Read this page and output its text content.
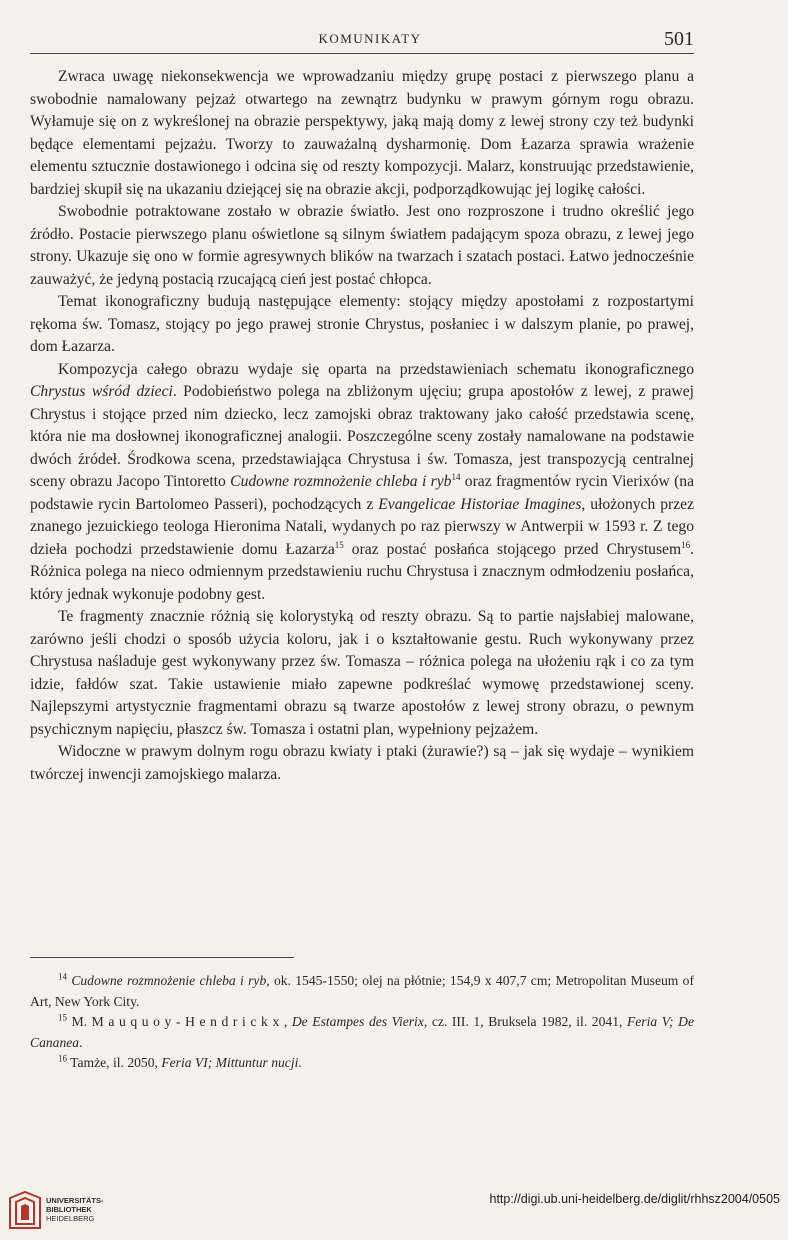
KOMUNIKATY	501

Zwraca uwagę niekonsekwencja we wprowadzaniu między grupę postaci z pierwszego planu a swobodnie namalowany pejzaż otwartego na zewnątrz budynku w prawym górnym rogu obrazu. Wyłamuje się on z wykreślonej na obrazie perspektywy, jaką mają domy z lewej strony czy też budynki będące elementami pejzażu. Tworzy to zauważalną dysharmonię. Dom Łazarza sprawia wrażenie elementu sztucznie dostawionego i odcina się od reszty kompozycji. Malarz, konstruując przedstawienie, bardziej skupił się na ukazaniu dziejącej się na obrazie akcji, podporządkowując jej logikę całości.

Swobodnie potraktowane zostało w obrazie światło. Jest ono rozproszone i trudno określić jego źródło. Postacie pierwszego planu oświetlone są silnym światłem padającym spoza obrazu, z lewej jego strony. Ukazuje się ono w formie agresywnych blików na twarzach i szatach postaci. Łatwo jednocześnie zauważyć, że jedyną postacią rzucającą cień jest postać chłopca.

Temat ikonograficzny budują następujące elementy: stojący między apostołami z rozpostartymi rękoma św. Tomasz, stojący po jego prawej stronie Chrystus, posłaniec i w dalszym planie, po prawej, dom Łazarza.

Kompozycja całego obrazu wydaje się oparta na przedstawieniach schematu ikonograficznego Chrystus wśród dzieci. Podobieństwo polega na zbliżonym ujęciu; grupa apostołów z lewej, z prawej Chrystus i stojące przed nim dziecko, lecz zamojski obraz traktowany jako całość przedstawia scenę, która nie ma dosłownej ikonograficznej analogii. Poszczególne sceny zostały namalowane na podstawie dwóch źródeł. Środkowa scena, przedstawiająca Chrystusa i św. Tomasza, jest transpozycją centralnej sceny obrazu Jacopo Tintoretto Cudowne rozmnożenie chleba i ryb$^{14}$ oraz fragmentów rycin Vierixów (na podstawie rycin Bartolomeo Passeri), pochodzących z Evangelicae Historiae Imagines, ułożonych przez znanego jezuickiego teologa Hieronima Natali, wydanych po raz pierwszy w Antwerpii w 1593 r. Z tego dzieła pochodzi przedstawienie domu Łazarza$^{15}$ oraz postać posłańca stojącego przed Chrystusem$^{16}$. Różnica polega na nieco odmiennym przedstawieniu ruchu Chrystusa i znacznym odmłodzeniu posłańca, który jednak wykonuje podobny gest.

Te fragmenty znacznie różnią się kolorystyką od reszty obrazu. Są to partie najsłabiej malowane, zarówno jeśli chodzi o sposób użycia koloru, jak i o kształtowanie gestu. Ruch wykonywany przez Chrystusa naśladuje gest wykonywany przez św. Tomasza – różnica polega na ułożeniu rąk i co za tym idzie, fałdów szat. Takie ustawienie miało zapewne podkreślać wymowę przedstawionej sceny. Najlepszymi artystycznie fragmentami obrazu są twarze apostołów z lewej strony obrazu, o pewnym psychicznym napięciu, płaszcz św. Tomasza i ostatni plan, wypełniony pejzażem.

Widoczne w prawym dolnym rogu obrazu kwiaty i ptaki (żurawie?) są – jak się wydaje – wynikiem twórczej inwencji zamojskiego malarza.

$^{14}$ Cudowne rozmnożenie chleba i ryb, ok. 1545-1550; olej na płótnie; 154,9 x 407,7 cm; Metropolitan Museum of Art, New York City.

$^{15}$ M. Mauquoy-Hendrickx, De Estampes des Vierix, cz. III. 1, Bruksela 1982, il. 2041, Feria V; De Cananea.

$^{16}$ Tamże, il. 2050, Feria VI; Mittuntur nucji.

UNIVERSITÄTS-
BIBLIOTHEK
HEIDELBERG
http://digi.ub.uni-heidelberg.de/diglit/rhhsz2004/0505
